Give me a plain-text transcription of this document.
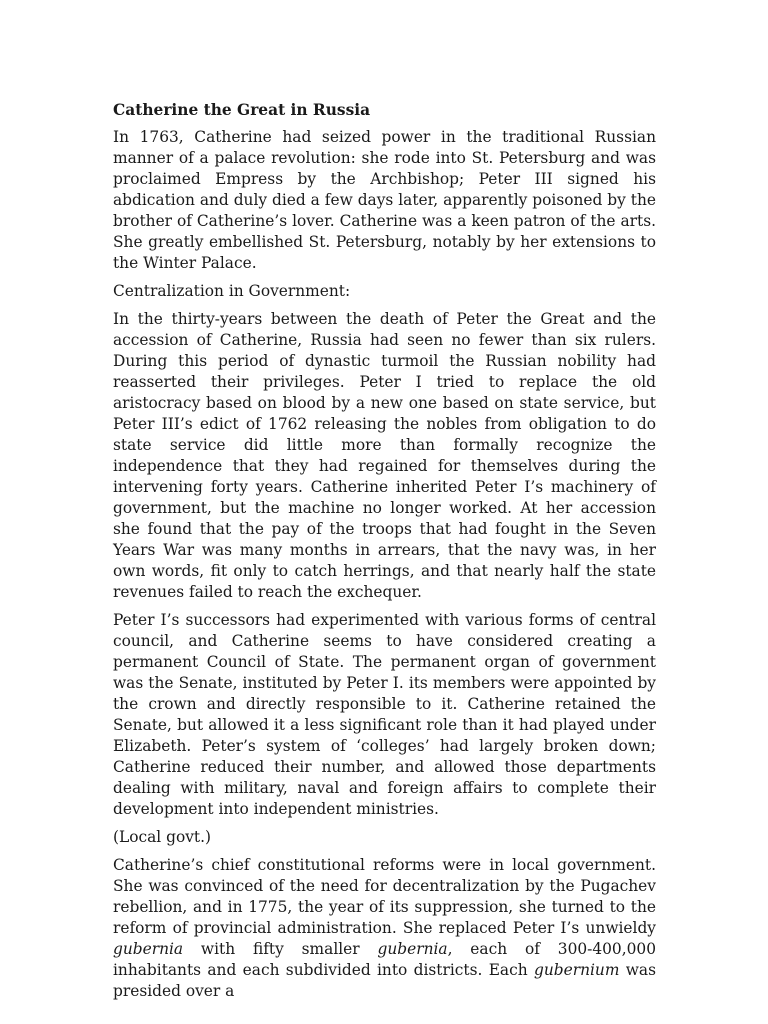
Catherine the Great in Russia

In 1763, Catherine had seized power in the traditional Russian manner of a palace revolution: she rode into St. Petersburg and was proclaimed Empress by the Archbishop; Peter III signed his abdication and duly died a few days later, apparently poisoned by the brother of Catherine’s lover. Catherine was a keen patron of the arts. She greatly embellished St. Petersburg, notably by her extensions to the Winter Palace.

Centralization in Government:

In the thirty-years between the death of Peter the Great and the accession of Catherine, Russia had seen no fewer than six rulers. During this period of dynastic turmoil the Russian nobility had reasserted their privileges. Peter I tried to replace the old aristocracy based on blood by a new one based on state service, but Peter III’s edict of 1762 releasing the nobles from obligation to do state service did little more than formally recognize the independence that they had regained for themselves during the intervening forty years. Catherine inherited Peter I’s machinery of government, but the machine no longer worked. At her accession she found that the pay of the troops that had fought in the Seven Years War was many months in arrears, that the navy was, in her own words, fit only to catch herrings, and that nearly half the state revenues failed to reach the exchequer.

Peter I’s successors had experimented with various forms of central council, and Catherine seems to have considered creating a permanent Council of State. The permanent organ of government was the Senate, instituted by Peter I. its members were appointed by the crown and directly responsible to it. Catherine retained the Senate, but allowed it a less significant role than it had played under Elizabeth. Peter’s system of ‘colleges’ had largely broken down; Catherine reduced their number, and allowed those departments dealing with military, naval and foreign affairs to complete their development into independent ministries.

(Local govt.)

Catherine’s chief constitutional reforms were in local government. She was convinced of the need for decentralization by the Pugachev rebellion, and in 1775, the year of its suppression, she turned to the reform of provincial administration. She replaced Peter I’s unwieldy gubernia with fifty smaller gubernia, each of 300-400,000 inhabitants and each subdivided into districts. Each gubernium was presided over a
